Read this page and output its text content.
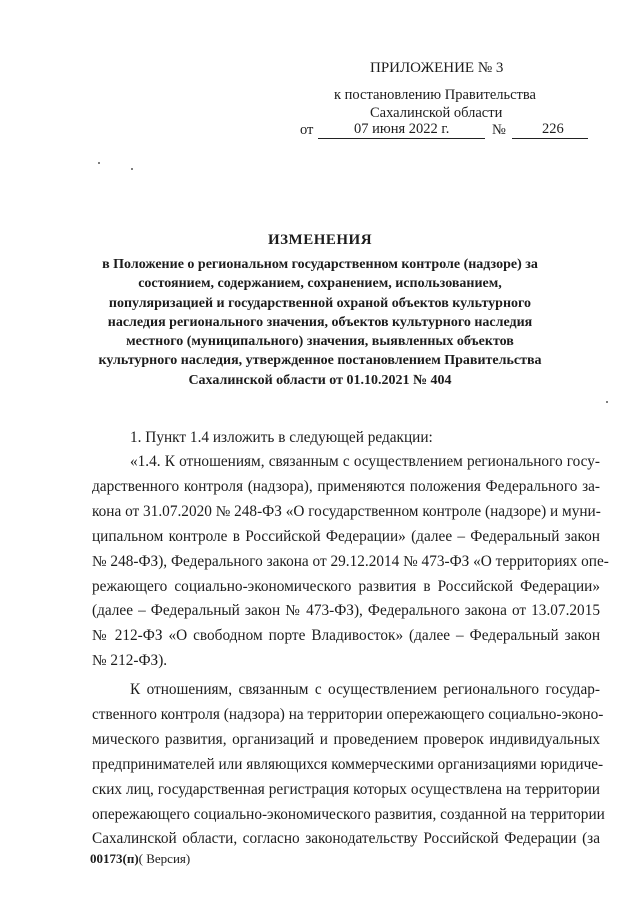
ПРИЛОЖЕНИЕ № 3
к постановлению Правительства
Сахалинской области
от	07 июня 2022 г.	№ 226
ИЗМЕНЕНИЯ
в Положение о региональном государственном контроле (надзоре) за
состоянием, содержанием, сохранением, использованием,
популяризацией и государственной охраной объектов культурного
наследия регионального значения, объектов культурного наследия
местного (муниципального) значения, выявленных объектов
культурного наследия, утвержденное постановлением Правительства
Сахалинской области от 01.10.2021 № 404
1. Пункт 1.4 изложить в следующей редакции:
«1.4. К отношениям, связанным с осуществлением регионального госу-
дарственного контроля (надзора), применяются положения Федерального за-
кона от 31.07.2020 № 248-ФЗ «О государственном контроле (надзоре) и муни-
ципальном контроле в Российской Федерации» (далее – Федеральный закон
№ 248-ФЗ), Федерального закона от 29.12.2014 № 473-ФЗ «О территориях опе-
режающего социально-экономического развития в Российской Федерации»
(далее – Федеральный закон № 473-ФЗ), Федерального закона от 13.07.2015
№ 212-ФЗ «О свободном порте Владивосток» (далее – Федеральный закон
№ 212-ФЗ).
К отношениям, связанным с осуществлением регионального государ-
ственного контроля (надзора) на территории опережающего социально-эконо-
мического развития, организаций и проведением проверок индивидуальных
предпринимателей или являющихся коммерческими организациями юридиче-
ских лиц, государственная регистрация которых осуществлена на территории
опережающего социально-экономического развития, созданной на территории
Сахалинской области, согласно законодательству Российской Федерации (за
00173(п)( Версия)
